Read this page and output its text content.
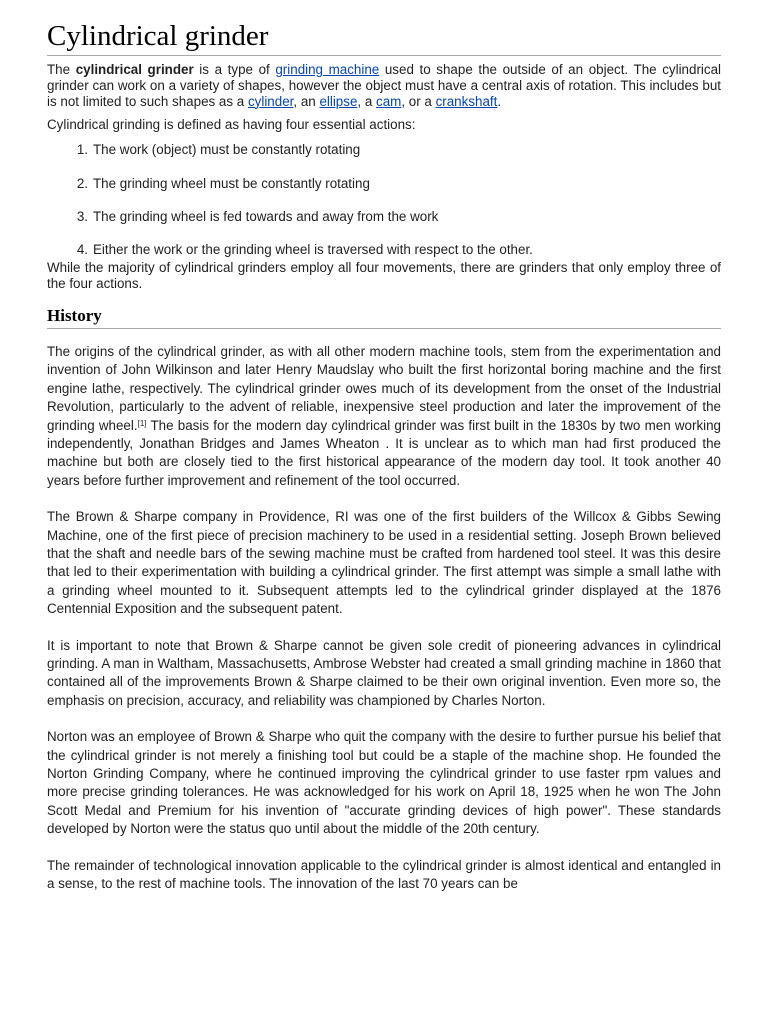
Cylindrical grinder

The cylindrical grinder is a type of grinding machine used to shape the outside of an object. The cylindrical grinder can work on a variety of shapes, however the object must have a central axis of rotation. This includes but is not limited to such shapes as a cylinder, an ellipse, a cam, or a crankshaft.

Cylindrical grinding is defined as having four essential actions:

1. The work (object) must be constantly rotating
2. The grinding wheel must be constantly rotating
3. The grinding wheel is fed towards and away from the work
4. Either the work or the grinding wheel is traversed with respect to the other.

While the majority of cylindrical grinders employ all four movements, there are grinders that only employ three of the four actions.

History

The origins of the cylindrical grinder, as with all other modern machine tools, stem from the experimentation and invention of John Wilkinson and later Henry Maudslay who built the first horizontal boring machine and the first engine lathe, respectively. The cylindrical grinder owes much of its development from the onset of the Industrial Revolution, particularly to the advent of reliable, inexpensive steel production and later the improvement of the grinding wheel.[1] The basis for the modern day cylindrical grinder was first built in the 1830s by two men working independently, Jonathan Bridges and James Wheaton . It is unclear as to which man had first produced the machine but both are closely tied to the first historical appearance of the modern day tool. It took another 40 years before further improvement and refinement of the tool occurred.

The Brown & Sharpe company in Providence, RI was one of the first builders of the Willcox & Gibbs Sewing Machine, one of the first piece of precision machinery to be used in a residential setting. Joseph Brown believed that the shaft and needle bars of the sewing machine must be crafted from hardened tool steel. It was this desire that led to their experimentation with building a cylindrical grinder. The first attempt was simple a small lathe with a grinding wheel mounted to it. Subsequent attempts led to the cylindrical grinder displayed at the 1876 Centennial Exposition and the subsequent patent.

It is important to note that Brown & Sharpe cannot be given sole credit of pioneering advances in cylindrical grinding. A man in Waltham, Massachusetts, Ambrose Webster had created a small grinding machine in 1860 that contained all of the improvements Brown & Sharpe claimed to be their own original invention. Even more so, the emphasis on precision, accuracy, and reliability was championed by Charles Norton.

Norton was an employee of Brown & Sharpe who quit the company with the desire to further pursue his belief that the cylindrical grinder is not merely a finishing tool but could be a staple of the machine shop. He founded the Norton Grinding Company, where he continued improving the cylindrical grinder to use faster rpm values and more precise grinding tolerances. He was acknowledged for his work on April 18, 1925 when he won The John Scott Medal and Premium for his invention of "accurate grinding devices of high power". These standards developed by Norton were the status quo until about the middle of the 20th century.

The remainder of technological innovation applicable to the cylindrical grinder is almost identical and entangled in a sense, to the rest of machine tools. The innovation of the last 70 years can be
